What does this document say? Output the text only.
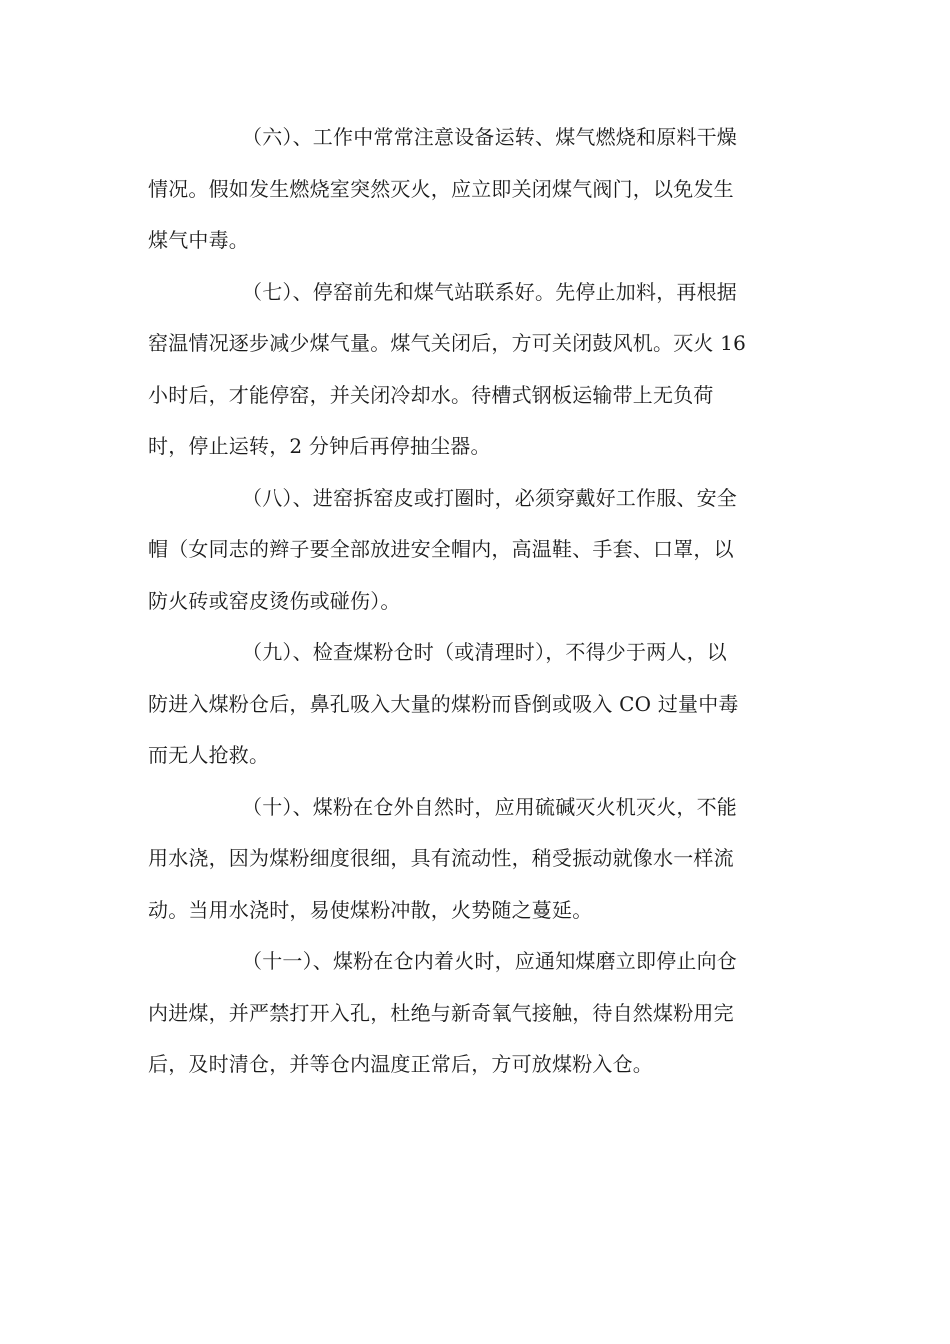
（六）、工作中常常注意设备运转、煤气燃烧和原料干燥
情况。假如发生燃烧室突然灭火，应立即关闭煤气阀门，以免发生
煤气中毒。
（七）、停窑前先和煤气站联系好。先停止加料，再根据
窑温情况逐步减少煤气量。煤气关闭后，方可关闭鼓风机。灭火 16
小时后，才能停窑，并关闭冷却水。待槽式钢板运输带上无负荷
时，停止运转，2 分钟后再停抽尘器。
（八）、进窑拆窑皮或打圈时，必须穿戴好工作服、安全
帽（女同志的辫子要全部放进安全帽内，高温鞋、手套、口罩，以
防火砖或窑皮烫伤或碰伤）。
（九）、检查煤粉仓时（或清理时），不得少于两人，以
防进入煤粉仓后，鼻孔吸入大量的煤粉而昏倒或吸入 CO 过量中毒
而无人抢救。
（十）、煤粉在仓外自然时，应用硫碱灭火机灭火，不能
用水浇，因为煤粉细度很细，具有流动性，稍受振动就像水一样流
动。当用水浇时，易使煤粉冲散，火势随之蔓延。
（十一）、煤粉在仓内着火时，应通知煤磨立即停止向仓
内进煤，并严禁打开入孔，杜绝与新奇氧气接触，待自然煤粉用完
后，及时清仓，并等仓内温度正常后，方可放煤粉入仓。
